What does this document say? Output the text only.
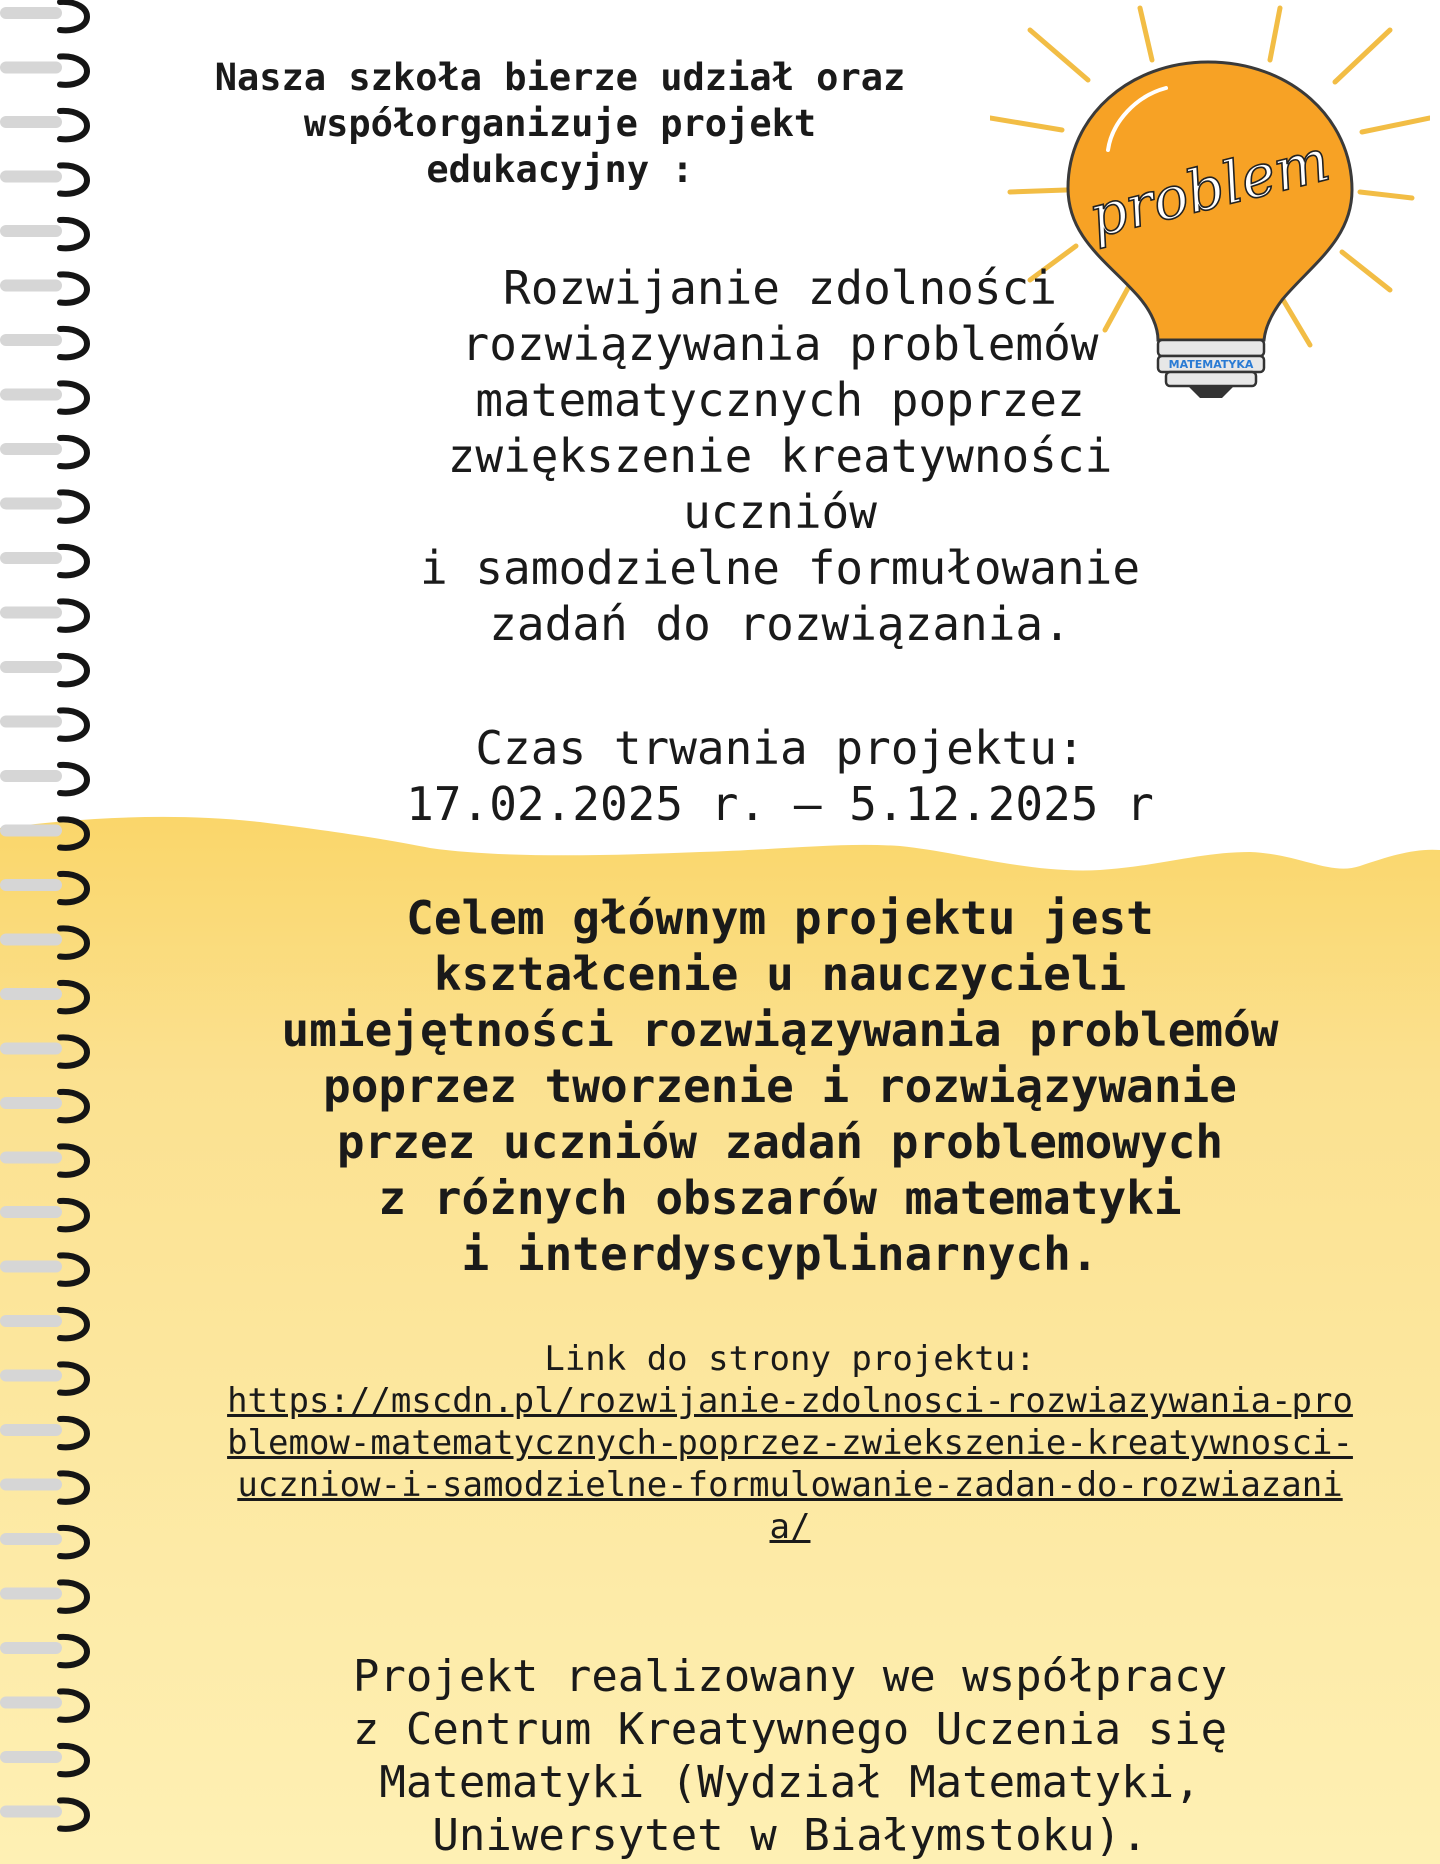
problem
MATEMATYKA

Nasza szkoła bierze udział oraz
współorganizuje projekt
edukacyjny :

Rozwijanie zdolności
rozwiązywania problemów
matematycznych poprzez
zwiększenie kreatywności
uczniów
i samodzielne formułowanie
zadań do rozwiązania.

Czas trwania projektu:
17.02.2025 r. – 5.12.2025 r

Celem głównym projektu jest
kształcenie u nauczycieli
umiejętności rozwiązywania problemów
poprzez tworzenie i rozwiązywanie
przez uczniów zadań problemowych
z różnych obszarów matematyki
i interdyscyplinarnych.

Link do strony projektu:
https://mscdn.pl/rozwijanie-zdolnosci-rozwiazywania-problemow-matematycznych-poprzez-zwiekszenie-kreatywnosci-uczniow-i-samodzielne-formulowanie-zadan-do-rozwiazania/

Projekt realizowany we współpracy
z Centrum Kreatywnego Uczenia się
Matematyki (Wydział Matematyki,
Uniwersytet w Białymstoku).
